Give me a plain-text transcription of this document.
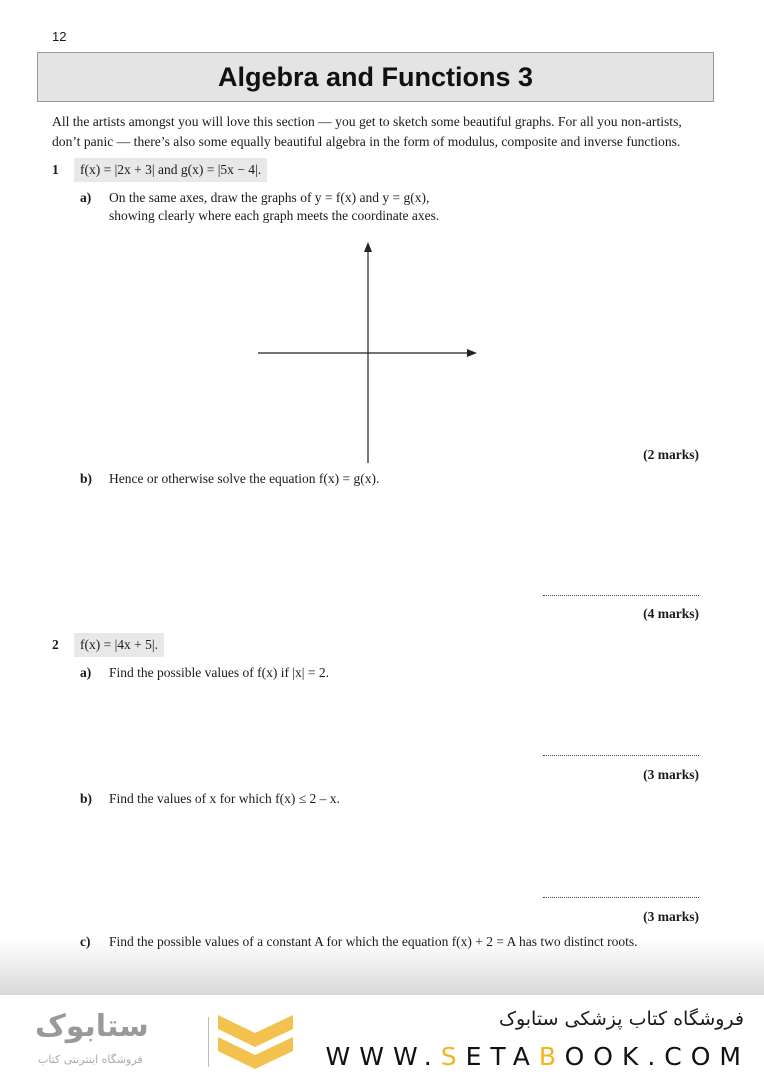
12
Algebra and Functions 3
All the artists amongst you will love this section — you get to sketch some beautiful graphs. For all you non-artists, don’t panic — there’s also some equally beautiful algebra in the form of modulus, composite and inverse functions.
1	f(x) = |2x + 3| and g(x) = |5x − 4|.
a) On the same axes, draw the graphs of y = f(x) and y = g(x),
showing clearly where each graph meets the coordinate axes.
(2 marks)
b) Hence or otherwise solve the equation f(x) = g(x).
(4 marks)
2	f(x) = |4x + 5|.
a) Find the possible values of f(x) if |x| = 2.
(3 marks)
b) Find the values of x for which f(x) ≤ 2 – x.
(3 marks)
c) Find the possible values of a constant A for which the equation f(x) + 2 = A has two distinct roots.
ستابوک
فروشگاه اینترنتی کتاب
فروشگاه کتاب پزشکی ستابوک
WWW.SETABOOK.COM
